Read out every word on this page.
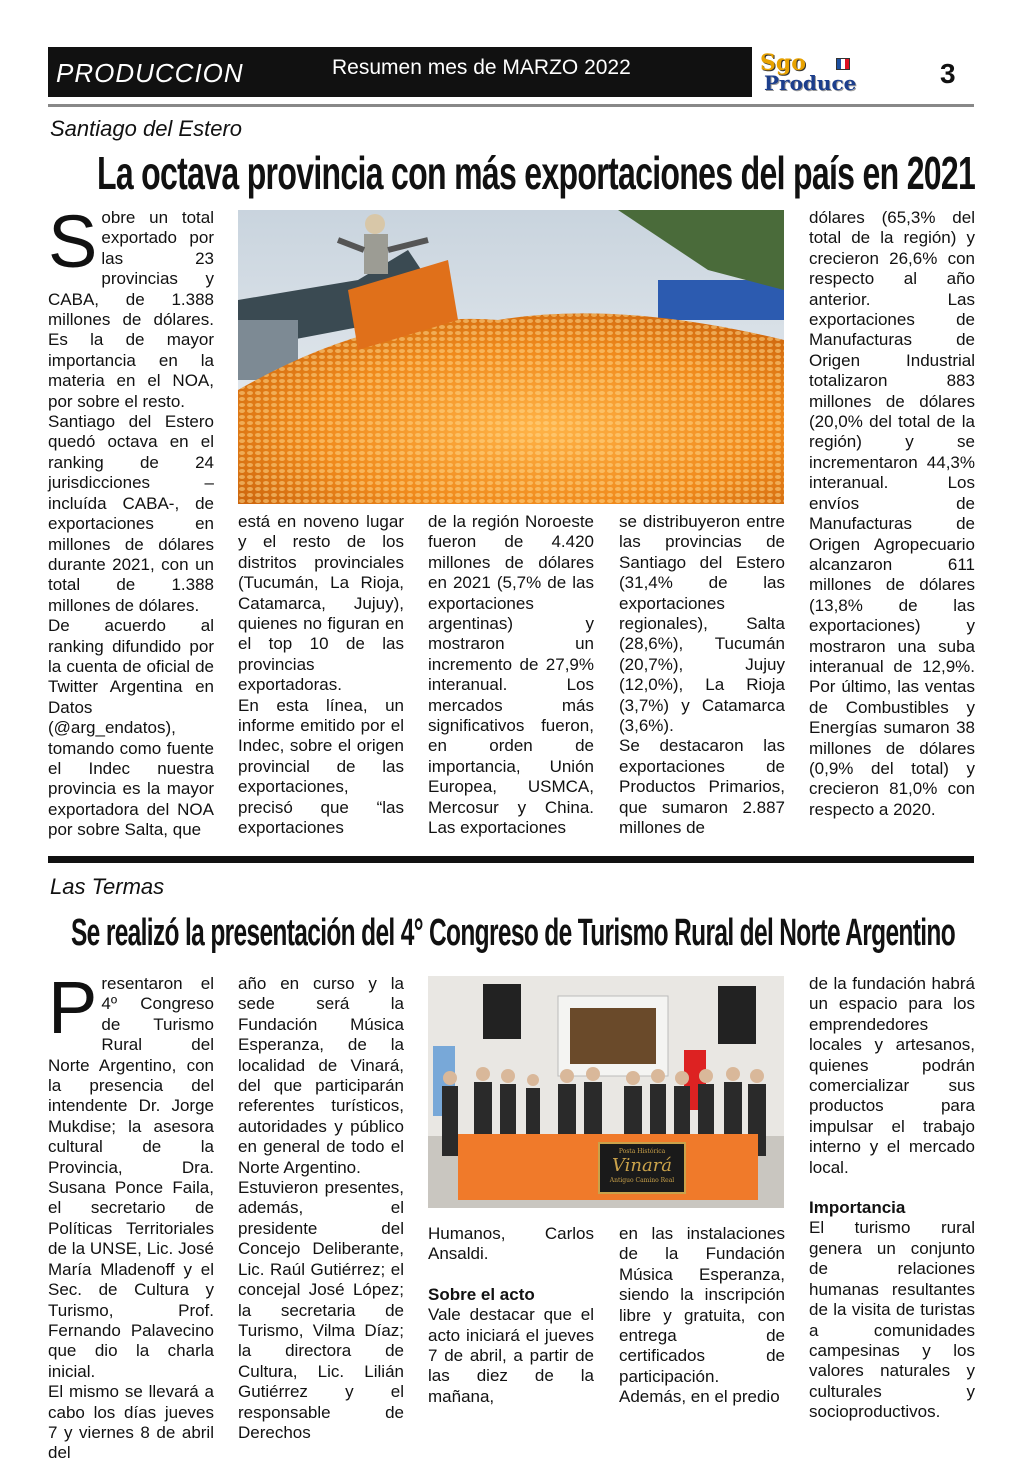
PRODUCCION	Resumen mes de MARZO 2022	Sgo
Produce	3
Santiago del Estero
La octava provincia con más exportaciones del país en 2021
S obre un total exportado por las 23 provincias y CABA, de 1.388 millones de dólares. Es la de mayor importancia en la materia en el NOA, por sobre el resto.

Santiago del Estero quedó octava en el ranking de 24 jurisdicciones –incluída CABA-, de exportaciones en millones de dólares durante 2021, con un total de 1.388 millones de dólares.

De acuerdo al ranking difundido por la cuenta de oficial de Twitter Argentina en Datos (@arg_endatos), tomando como fuente el Indec nuestra provincia es la mayor exportadora del NOA por sobre Salta, que

está en noveno lugar y el resto de los distritos provinciales (Tucumán, La Rioja, Catamarca, Jujuy), quienes no figuran en el top 10 de las provincias exportadoras.

En esta línea, un informe emitido por el Indec, sobre el origen provincial de las exportaciones, precisó que “las exportaciones

de la región Noroeste fueron de 4.420 millones de dólares en 2021 (5,7% de las exportaciones argentinas) y mostraron un incremento de 27,9% interanual. Los mercados más significativos fueron, en orden de importancia, Unión Europea, USMCA, Mercosur y China. Las exportaciones

se distribuyeron entre las provincias de Santiago del Estero (31,4% de las exportaciones regionales), Salta (28,6%), Tucumán (20,7%), Jujuy (12,0%), La Rioja (3,7%) y Catamarca (3,6%).

Se destacaron las exportaciones de Productos Primarios, que sumaron 2.887 millones de

dólares (65,3% del total de la región) y crecieron 26,6% con respecto al año anterior. Las exportaciones de Manufacturas de Origen Industrial totalizaron 883 millones de dólares (20,0% del total de la región) y se incrementaron 44,3% interanual. Los envíos de Manufacturas de Origen Agropecuario alcanzaron 611 millones de dólares (13,8% de las exportaciones) y mostraron una suba interanual de 12,9%. Por último, las ventas de Combustibles y Energías sumaron 38 millones de dólares (0,9% del total) y crecieron 81,0% con respecto a 2020.

Las Termas
Se realizó la presentación del 4° Congreso de Turismo Rural del Norte Argentino
P resentaron el 4º Congreso de Turismo Rural del Norte Argentino, con la presencia del intendente Dr. Jorge Mukdise; la asesora cultural de la Provincia, Dra. Susana Ponce Faila, el secretario de Políticas Territoriales de la UNSE, Lic. José María Mladenoff y el Sec. de Cultura y Turismo, Prof. Fernando Palavecino que dio la charla inicial.

El mismo se llevará a cabo los días jueves 7 y viernes 8 de abril del

año en curso y la sede será la Fundación Música Esperanza, de la localidad de Vinará, del que participarán referentes turísticos, autoridades y público en general de todo el Norte Argentino.

Estuvieron presentes, además, el presidente del Concejo Deliberante, Lic. Raúl Gutiérrez; el concejal José López; la secretaria de Turismo, Vilma Díaz; la directora de Cultura, Lic. Lilián Gutiérrez y el responsable de Derechos

Posta Histórica
Vinará
Antiguo Camino Real

Humanos, Carlos Ansaldi.

Sobre el acto

Vale destacar que el acto iniciará el jueves 7 de abril, a partir de las diez de la mañana,

en las instalaciones de la Fundación Música Esperanza, siendo la inscripción libre y gratuita, con entrega de certificados de participación.

Además, en el predio

de la fundación habrá un espacio para los emprendedores locales y artesanos, quienes podrán comercializar sus productos para impulsar el trabajo interno y el mercado local.

Importancia

El turismo rural genera un conjunto de relaciones humanas resultantes de la visita de turistas a comunidades campesinas y los valores naturales y culturales y socioproductivos.
